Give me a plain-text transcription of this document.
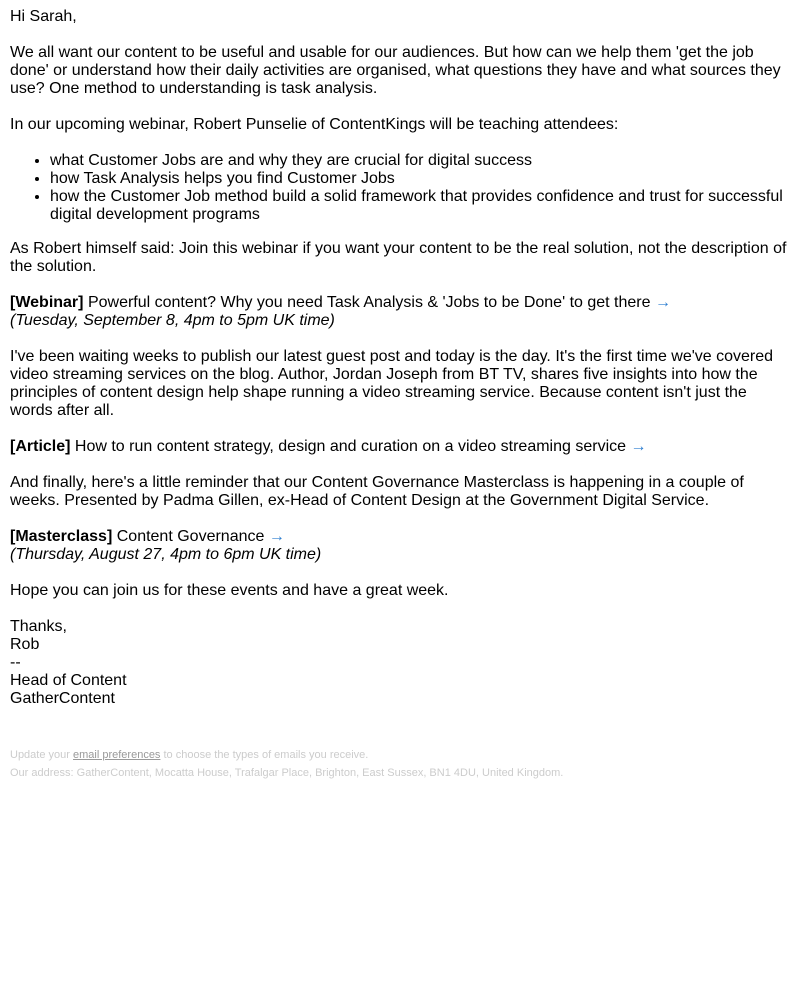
Hi Sarah,

We all want our content to be useful and usable for our audiences. But how can we help them 'get the job done' or understand how their daily activities are organised, what questions they have and what sources they use? One method to understanding is task analysis.

In our upcoming webinar, Robert Punselie of ContentKings will be teaching attendees:

• what Customer Jobs are and why they are crucial for digital success
• how Task Analysis helps you find Customer Jobs
• how the Customer Job method build a solid framework that provides confidence and trust for successful digital development programs

As Robert himself said: Join this webinar if you want your content to be the real solution, not the description of the solution.

[Webinar] Powerful content? Why you need Task Analysis & 'Jobs to be Done' to get there →
(Tuesday, September 8, 4pm to 5pm UK time)

I've been waiting weeks to publish our latest guest post and today is the day. It's the first time we've covered video streaming services on the blog. Author, Jordan Joseph from BT TV, shares five insights into how the principles of content design help shape running a video streaming service. Because content isn't just the words after all.

[Article] How to run content strategy, design and curation on a video streaming service →

And finally, here's a little reminder that our Content Governance Masterclass is happening in a couple of weeks. Presented by Padma Gillen, ex-Head of Content Design at the Government Digital Service.

[Masterclass] Content Governance →
(Thursday, August 27, 4pm to 6pm UK time)

Hope you can join us for these events and have a great week.

Thanks,
Rob
--
Head of Content
GatherContent
Update your email preferences to choose the types of emails you receive.
Our address: GatherContent, Mocatta House, Trafalgar Place, Brighton, East Sussex, BN1 4DU, United Kingdom.
